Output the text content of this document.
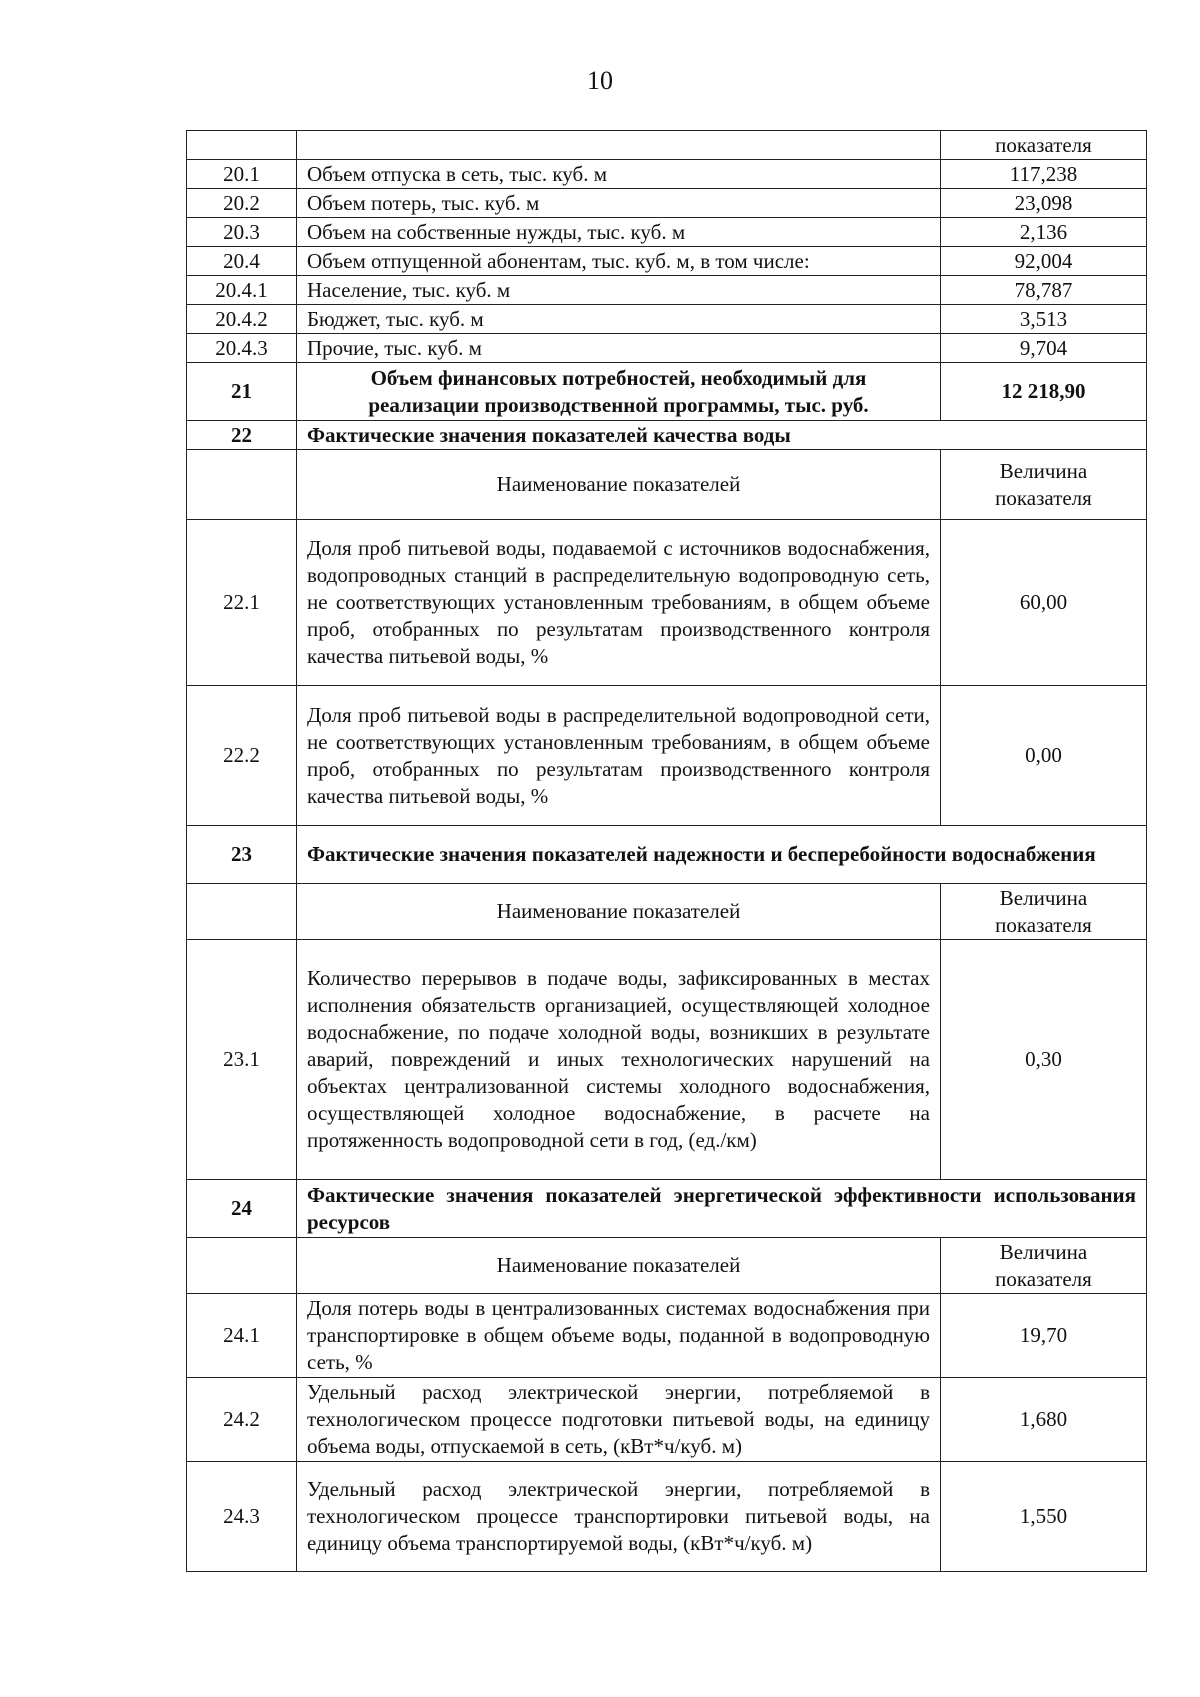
10
		показателя
20.1	Объем отпуска в сеть, тыс. куб. м	117,238
20.2	Объем потерь, тыс. куб. м	23,098
20.3	Объем на собственные нужды, тыс. куб. м	2,136
20.4	Объем отпущенной абонентам, тыс. куб. м, в том числе:	92,004
20.4.1	Население, тыс. куб. м	78,787
20.4.2	Бюджет, тыс. куб. м	3,513
20.4.3	Прочие, тыс. куб. м	9,704
21	Объем финансовых потребностей, необходимый для реализации производственной программы, тыс. руб.	12 218,90
22	Фактические значения показателей качества воды	
	Наименование показателей	Величина показателя
22.1	Доля проб питьевой воды, подаваемой с источников водоснабжения, водопроводных станций в распределительную водопроводную сеть, не соответствующих установленным требованиям, в общем объеме проб, отобранных по результатам производственного контроля качества питьевой воды, %	60,00
22.2	Доля проб питьевой воды в распределительной водопроводной сети, не соответствующих установленным требованиям, в общем объеме проб, отобранных по результатам производственного контроля качества питьевой воды, %	0,00
23	Фактические значения показателей надежности и бесперебойности водоснабжения	
	Наименование показателей	Величина показателя
23.1	Количество перерывов в подаче воды, зафиксированных в местах исполнения обязательств организацией, осуществляющей холодное водоснабжение, по подаче холодной воды, возникших в результате аварий, повреждений и иных технологических нарушений на объектах централизованной системы холодного водоснабжения, осуществляющей холодное водоснабжение, в расчете на протяженность водопроводной сети в год, (ед./км)	0,30
24	Фактические значения показателей энергетической эффективности использования ресурсов	
	Наименование показателей	Величина показателя
24.1	Доля потерь воды в централизованных системах водоснабжения при транспортировке в общем объеме воды, поданной в водопроводную сеть, %	19,70
24.2	Удельный расход электрической энергии, потребляемой в технологическом процессе подготовки питьевой воды, на единицу объема воды, отпускаемой в сеть, (кВт*ч/куб. м)	1,680
24.3	Удельный расход электрической энергии, потребляемой в технологическом процессе транспортировки питьевой воды, на единицу объема транспортируемой воды, (кВт*ч/куб. м)	1,550
